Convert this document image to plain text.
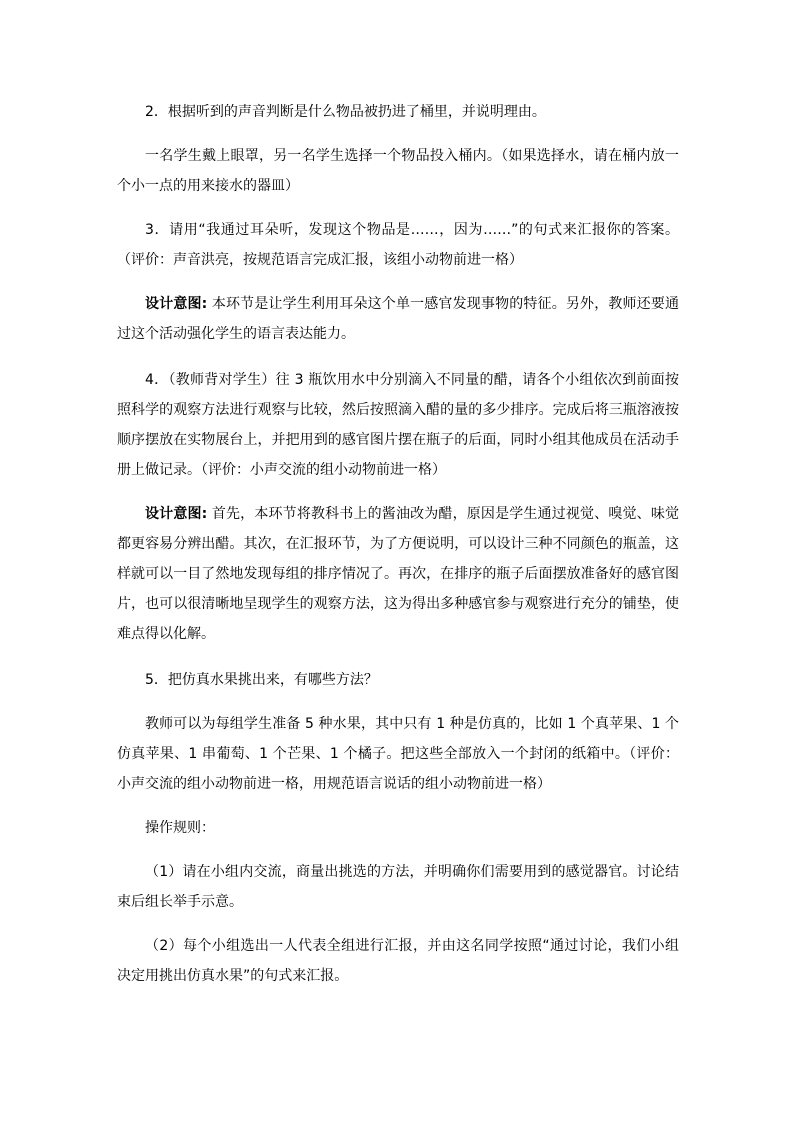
2．根据听到的声音判断是什么物品被扔进了桶里，并说明理由。

一名学生戴上眼罩，另一名学生选择一个物品投入桶内。（如果选择水，请在桶内放一个小一点的用来接水的器皿）

3．请用“我通过耳朵听，发现这个物品是……，因为……”的句式来汇报你的答案。（评价：声音洪亮，按规范语言完成汇报，该组小动物前进一格）

设计意图: 本环节是让学生利用耳朵这个单一感官发现事物的特征。另外，教师还要通过这个活动强化学生的语言表达能力。

4．（教师背对学生）往 3 瓶饮用水中分别滴入不同量的醋，请各个小组依次到前面按照科学的观察方法进行观察与比较，然后按照滴入醋的量的多少排序。完成后将三瓶溶液按顺序摆放在实物展台上，并把用到的感官图片摆在瓶子的后面，同时小组其他成员在活动手册上做记录。（评价：小声交流的组小动物前进一格）

设计意图: 首先，本环节将教科书上的酱油改为醋，原因是学生通过视觉、嗅觉、味觉都更容易分辨出醋。其次，在汇报环节，为了方便说明，可以设计三种不同颜色的瓶盖，这样就可以一目了然地发现每组的排序情况了。再次，在排序的瓶子后面摆放准备好的感官图片，也可以很清晰地呈现学生的观察方法，这为得出多种感官参与观察进行充分的铺垫，使难点得以化解。

5．把仿真水果挑出来，有哪些方法？

教师可以为每组学生准备 5 种水果，其中只有 1 种是仿真的，比如 1 个真苹果、1 个仿真苹果、1 串葡萄、1 个芒果、1 个橘子。把这些全部放入一个封闭的纸箱中。（评价：小声交流的组小动物前进一格，用规范语言说话的组小动物前进一格）

操作规则：

（1）请在小组内交流，商量出挑选的方法，并明确你们需要用到的感觉器官。讨论结束后组长举手示意。

（2）每个小组选出一人代表全组进行汇报，并由这名同学按照“通过讨论，我们小组决定用挑出仿真水果”的句式来汇报。
